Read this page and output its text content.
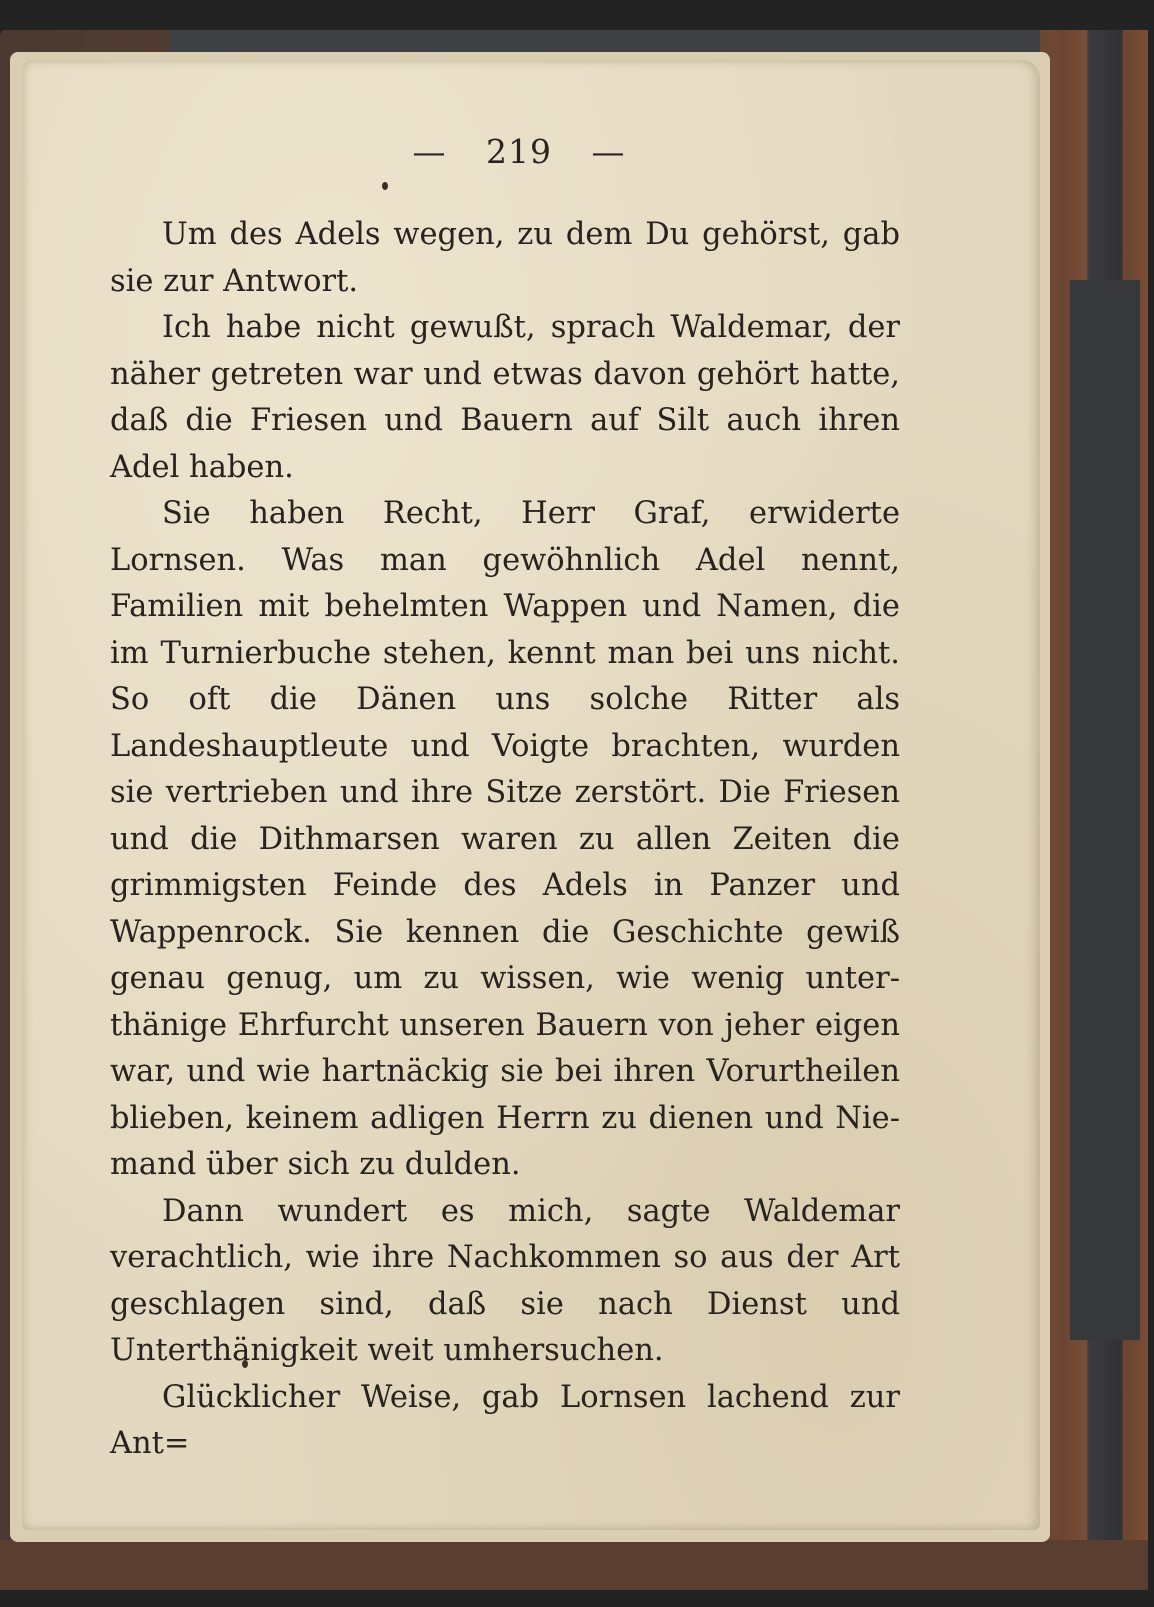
— 219 —

Um des Adels wegen, zu dem Du gehörst, gab sie zur Antwort.

Ich habe nicht gewußt, sprach Waldemar, der näher getreten war und etwas davon gehört hatte, daß die Friesen und Bauern auf Silt auch ihren Adel haben.

Sie haben Recht, Herr Graf, erwiderte Lornsen. Was man gewöhnlich Adel nennt, Familien mit behelmten Wappen und Namen, die im Turnierbuche stehen, kennt man bei uns nicht. So oft die Dänen uns solche Ritter als Landeshauptleute und Voigte brachten, wurden sie vertrieben und ihre Sitze zerstört. Die Friesen und die Dithmarsen waren zu allen Zeiten die grimmigsten Feinde des Adels in Panzer und Wappenrock. Sie kennen die Geschichte gewiß genau genug, um zu wissen, wie wenig unterthänige Ehrfurcht unseren Bauern von jeher eigen war, und wie hartnäckig sie bei ihren Vorurtheilen blieben, keinem adligen Herrn zu dienen und Niemand über sich zu dulden.

Dann wundert es mich, sagte Waldemar verachtlich, wie ihre Nachkommen so aus der Art geschlagen sind, daß sie nach Dienst und Unterthänigkeit weit umhersuchen.

Glücklicher Weise, gab Lornsen lachend zur Ant=
